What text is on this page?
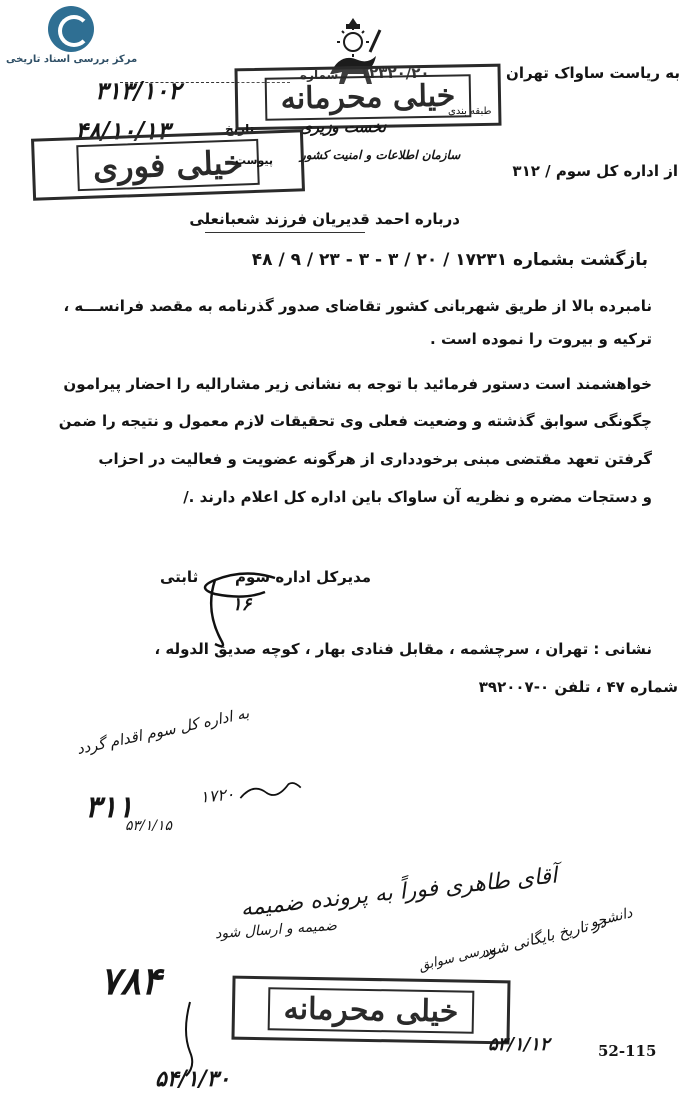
مرکز بررسی اسناد تاریخی
به ریاست ساواک تهران
۱۲۳۲۰/۲۰
شماره
۳۱۳/۱۰۲	خیلی محرمانه
طبقه بندی
نخست وزیری
تاریخ
۴۸/۱۰/۱۳
خیلی فوری
پیوست سازمان اطلاعات و امنیت کشور
از اداره کل سوم / ۳۱۲
درباره احمد قدیریان فرزند شعبانعلی
بازگشت بشماره ۱۷۲۳۱ / ۲۰ / ۳ - ۳ - ۲۳ / ۹ / ۴۸
نامبرده بالا از طریق شهربانی کشور تقاضای صدور گذرنامه به مقصد فرانســـه ،
ترکیه و بیروت را نموده است .
خواهشمند است دستور فرمائید با توجه به نشانی زیر مشارالیه را احضار پیرامون
چگونگی سوابق گذشته و وضعیت فعلی وی تحقیقات لازم معمول و نتیجه را ضمن
گرفتن تعهد مقتضی مبنی برخودداری از هرگونه عضویت و فعالیت در احزاب
و دستجات مضره و نظریه آن ساواک باین اداره کل اعلام دارند ./
مدیرکل اداره سوم
ثابتی
۱۶
نشانی : تهران ، سرچشمه ، مقابل فنادی بهار ، کوچه صدیق الدوله ،
شماره ۴۷ ، تلفن ۰-۳۹۲۰۰۷
به اداره کل سوم اقدام گردد
۱۷۲۰
۳۱۱
۵۳/۱/۱۵
آقای طاهری فوراً به پرونده ضمیمه
ضمیمه و ارسال شود	دانشجو
در تاریخ بایگانی شود
بررسی سوابق
۷۸۴
خیلی محرمانه
۵۴/۱/۳۰
۵۳/۱/۱۲	52-115
